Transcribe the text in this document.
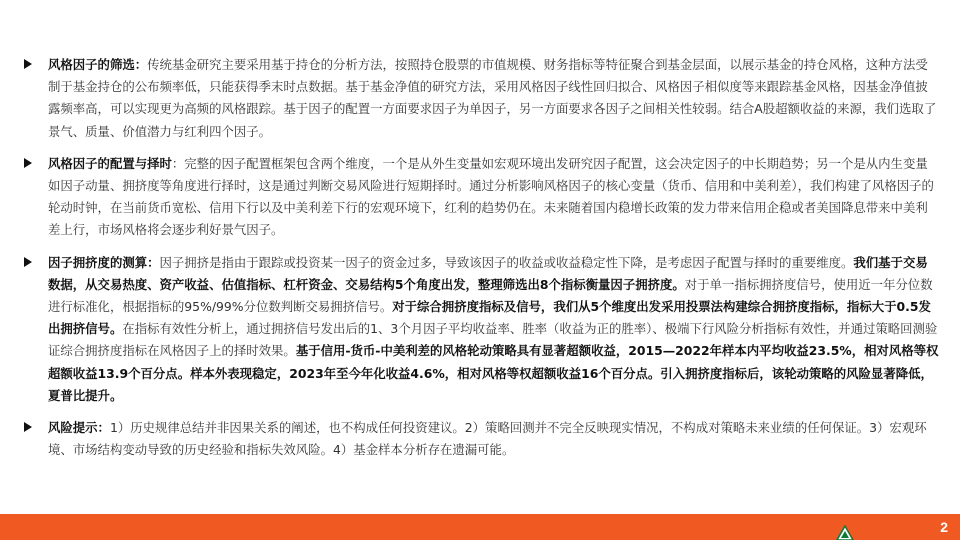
风格因子的筛选：传统基金研究主要采用基于持仓的分析方法，按照持仓股票的市值规模、财务指标等特征聚合到基金层面，以展示基金的持仓风格，这种方法受制于基金持仓的公布频率低，只能获得季末时点数据。基于基金净值的研究方法，采用风格因子线性回归拟合、风格因子相似度等来跟踪基金风格，因基金净值披露频率高，可以实现更为高频的风格跟踪。基于因子的配置一方面要求因子为单因子，另一方面要求各因子之间相关性较弱。结合A股超额收益的来源，我们选取了景气、质量、价值潜力与红利四个因子。
风格因子的配置与择时：完整的因子配置框架包含两个维度，一个是从外生变量如宏观环境出发研究因子配置，这会决定因子的中长期趋势；另一个是从内生变量如因子动量、拥挤度等角度进行择时，这是通过判断交易风险进行短期择时。通过分析影响风格因子的核心变量（货币、信用和中美利差），我们构建了风格因子的轮动时钟，在当前货币宽松、信用下行以及中美利差下行的宏观环境下，红利的趋势仍在。未来随着国内稳增长政策的发力带来信用企稳或者美国降息带来中美利差上行，市场风格将会逐步利好景气因子。
因子拥挤度的测算：因子拥挤是指由于跟踪或投资某一因子的资金过多，导致该因子的收益或收益稳定性下降，是考虑因子配置与择时的重要维度。我们基于交易数据，从交易热度、资产收益、估值指标、杠杆资金、交易结构5个角度出发，整理筛选出8个指标衡量因子拥挤度。对于单一指标拥挤度信号，使用近一年分位数进行标准化，根据指标的95%/99%分位数判断交易拥挤信号。对于综合拥挤度指标及信号，我们从5个维度出发采用投票法构建综合拥挤度指标，指标大于0.5发出拥挤信号。在指标有效性分析上，通过拥挤信号发出后的1、3个月因子平均收益率、胜率（收益为正的胜率）、极端下行风险分析指标有效性，并通过策略回测验证综合拥挤度指标在风格因子上的择时效果。基于信用-货币-中美利差的风格轮动策略具有显著超额收益，2015—2022年样本内平均收益23.5%，相对风格等权超额收益13.9个百分点。样本外表现稳定，2023年至今年化收益4.6%，相对风格等权超额收益16个百分点。引入拥挤度指标后，该轮动策略的风险显著降低，夏普比提升。
风险提示：1）历史规律总结并非因果关系的阐述，也不构成任何投资建议。2）策略回测并不完全反映现实情况，不构成对策略未来业绩的任何保证。3）宏观环境、市场结构变动导致的历史经验和指标失效风险。4）基金样本分析存在遗漏可能。
2
